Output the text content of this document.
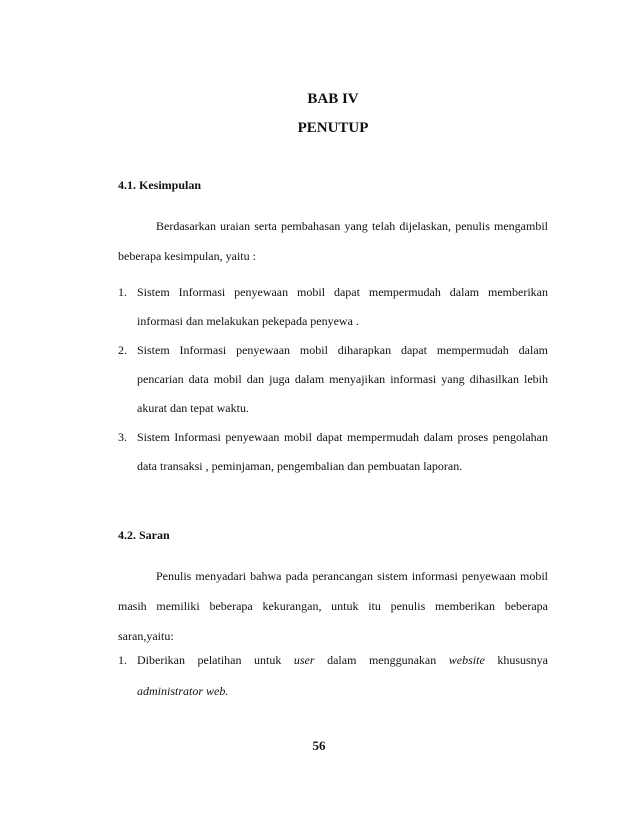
BAB IV
PENUTUP
4.1. Kesimpulan

Berdasarkan uraian serta pembahasan yang telah dijelaskan, penulis mengambil beberapa kesimpulan, yaitu :

1. Sistem Informasi penyewaan mobil dapat mempermudah dalam memberikan informasi dan melakukan pekepada penyewa .
2. Sistem Informasi penyewaan mobil diharapkan dapat mempermudah dalam pencarian data mobil dan juga dalam menyajikan informasi yang dihasilkan lebih akurat dan tepat waktu.
3. Sistem Informasi penyewaan mobil dapat mempermudah dalam proses pengolahan data transaksi , peminjaman, pengembalian dan pembuatan laporan.
4.2. Saran

Penulis menyadari bahwa pada perancangan sistem informasi penyewaan mobil masih memiliki beberapa kekurangan, untuk itu penulis memberikan beberapa saran,yaitu:

1. Diberikan pelatihan untuk user dalam menggunakan website khususnya administrator web.
56
